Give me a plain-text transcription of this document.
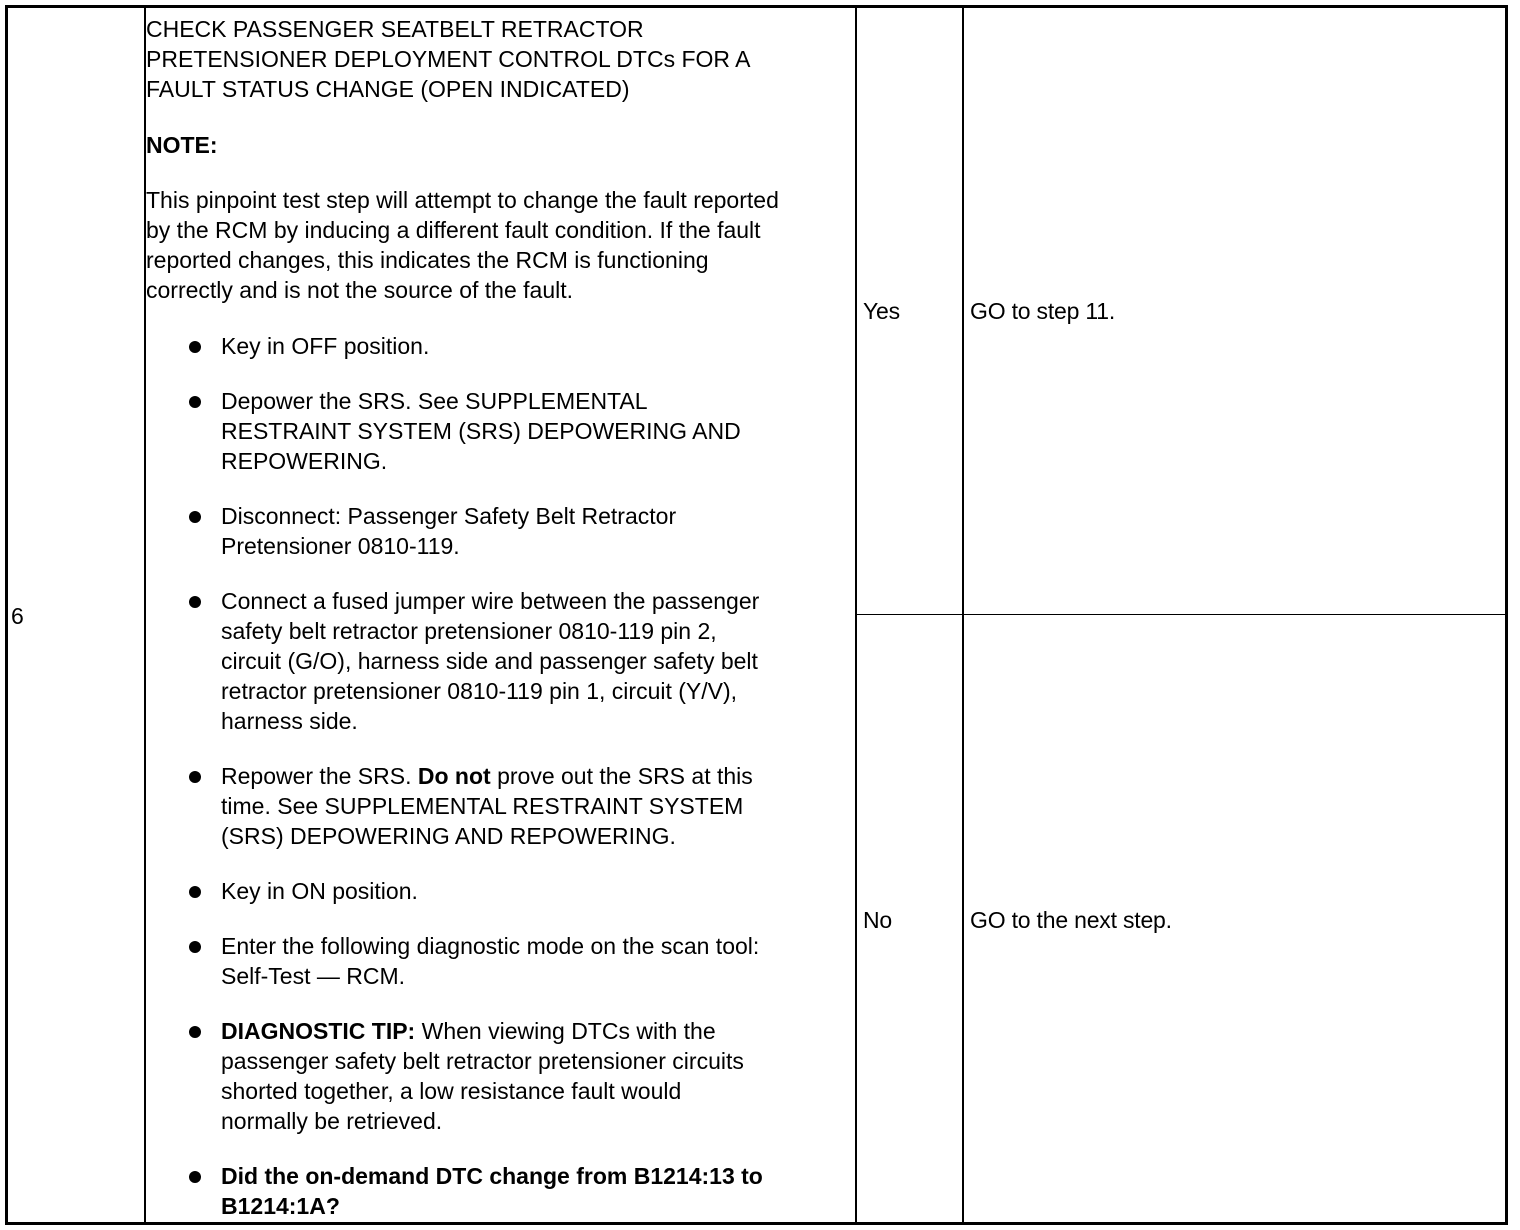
6

CHECK PASSENGER SEATBELT RETRACTOR
PRETENSIONER DEPLOYMENT CONTROL DTCs FOR A
FAULT STATUS CHANGE (OPEN INDICATED)

NOTE:

This pinpoint test step will attempt to change the fault reported
by the RCM by inducing a different fault condition. If the fault
reported changes, this indicates the RCM is functioning
correctly and is not the source of the fault.

Key in OFF position.
Depower the SRS. See SUPPLEMENTAL
RESTRAINT SYSTEM (SRS) DEPOWERING AND
REPOWERING.
Disconnect: Passenger Safety Belt Retractor
Pretensioner 0810-119.
Connect a fused jumper wire between the passenger
safety belt retractor pretensioner 0810-119 pin 2,
circuit (G/O), harness side and passenger safety belt
retractor pretensioner 0810-119 pin 1, circuit (Y/V),
harness side.
Repower the SRS. Do not prove out the SRS at this
time. See SUPPLEMENTAL RESTRAINT SYSTEM
(SRS) DEPOWERING AND REPOWERING.
Key in ON position.
Enter the following diagnostic mode on the scan tool:
Self-Test — RCM.
DIAGNOSTIC TIP: When viewing DTCs with the
passenger safety belt retractor pretensioner circuits
shorted together, a low resistance fault would
normally be retrieved.
Did the on-demand DTC change from B1214:13 to
B1214:1A?
Yes	GO to step 11.
No	GO to the next step.
